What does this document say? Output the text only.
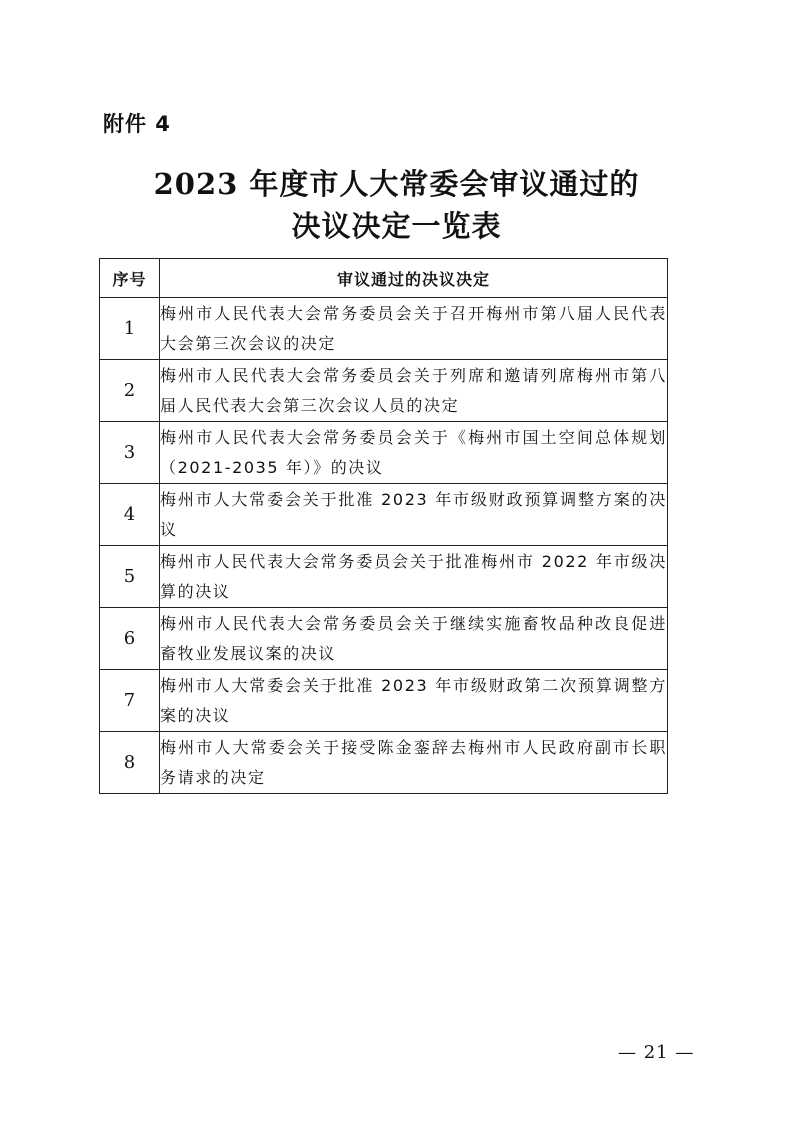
附件 4
2023 年度市人大常委会审议通过的
决议决定一览表
序号	审议通过的决议决定
1	梅州市人民代表大会常务委员会关于召开梅州市第八届人民代表大会第三次会议的决定
2	梅州市人民代表大会常务委员会关于列席和邀请列席梅州市第八届人民代表大会第三次会议人员的决定
3	梅州市人民代表大会常务委员会关于《梅州市国土空间总体规划（2021-2035 年）》的决议
4	梅州市人大常委会关于批准 2023 年市级财政预算调整方案的决议
5	梅州市人民代表大会常务委员会关于批准梅州市 2022 年市级决算的决议
6	梅州市人民代表大会常务委员会关于继续实施畜牧品种改良促进畜牧业发展议案的决议
7	梅州市人大常委会关于批准 2023 年市级财政第二次预算调整方案的决议
8	梅州市人大常委会关于接受陈金銮辞去梅州市人民政府副市长职务请求的决定
— 21 —
